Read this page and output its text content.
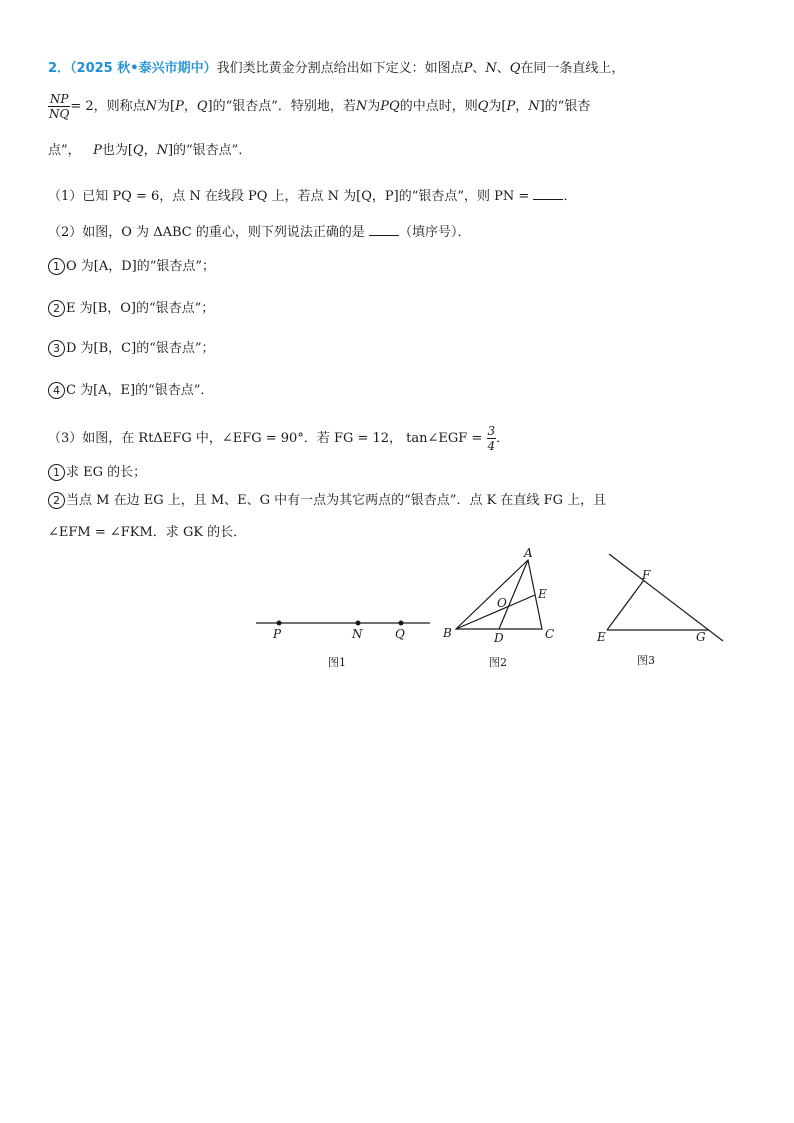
2．（2025 秋•泰兴市期中）我们类比黄金分割点给出如下定义：如图点P、N、Q在同一条直线上，
$\frac{NP}{NQ} = 2$，则称点N为[P，Q]的“银杏点”．特别地，若N为PQ的中点时，则Q为[P，N]的“银杏
点”， P也为[Q，N]的“银杏点”．
（1）已知 PQ = 6，点 N 在线段 PQ 上，若点 N 为[Q，P]的“银杏点”，则 PN =	．
（2）如图，O 为 ΔABC 的重心，则下列说法正确的是	（填序号）．
1 O 为[A，D]的“银杏点”；
2 E 为[B，O]的“银杏点”；
3 D 为[B，C]的“银杏点”；
4 C 为[A，E]的“银杏点”．
（3）如图，在 RtΔEFG 中，∠EFG = 90°．若 FG = 12， tan∠EGF = $\frac{3}{4}$ ．
1 求 EG 的长；
2 当点 M 在边 EG 上，且 M、E、G 中有一点为其它两点的“银杏点”．点 K 在直线 FG 上，且
∠EFM = ∠FKM．求 GK 的长．
P	N	Q
图1
A
B	C
D
E
O
图2
F
E	G
图3
